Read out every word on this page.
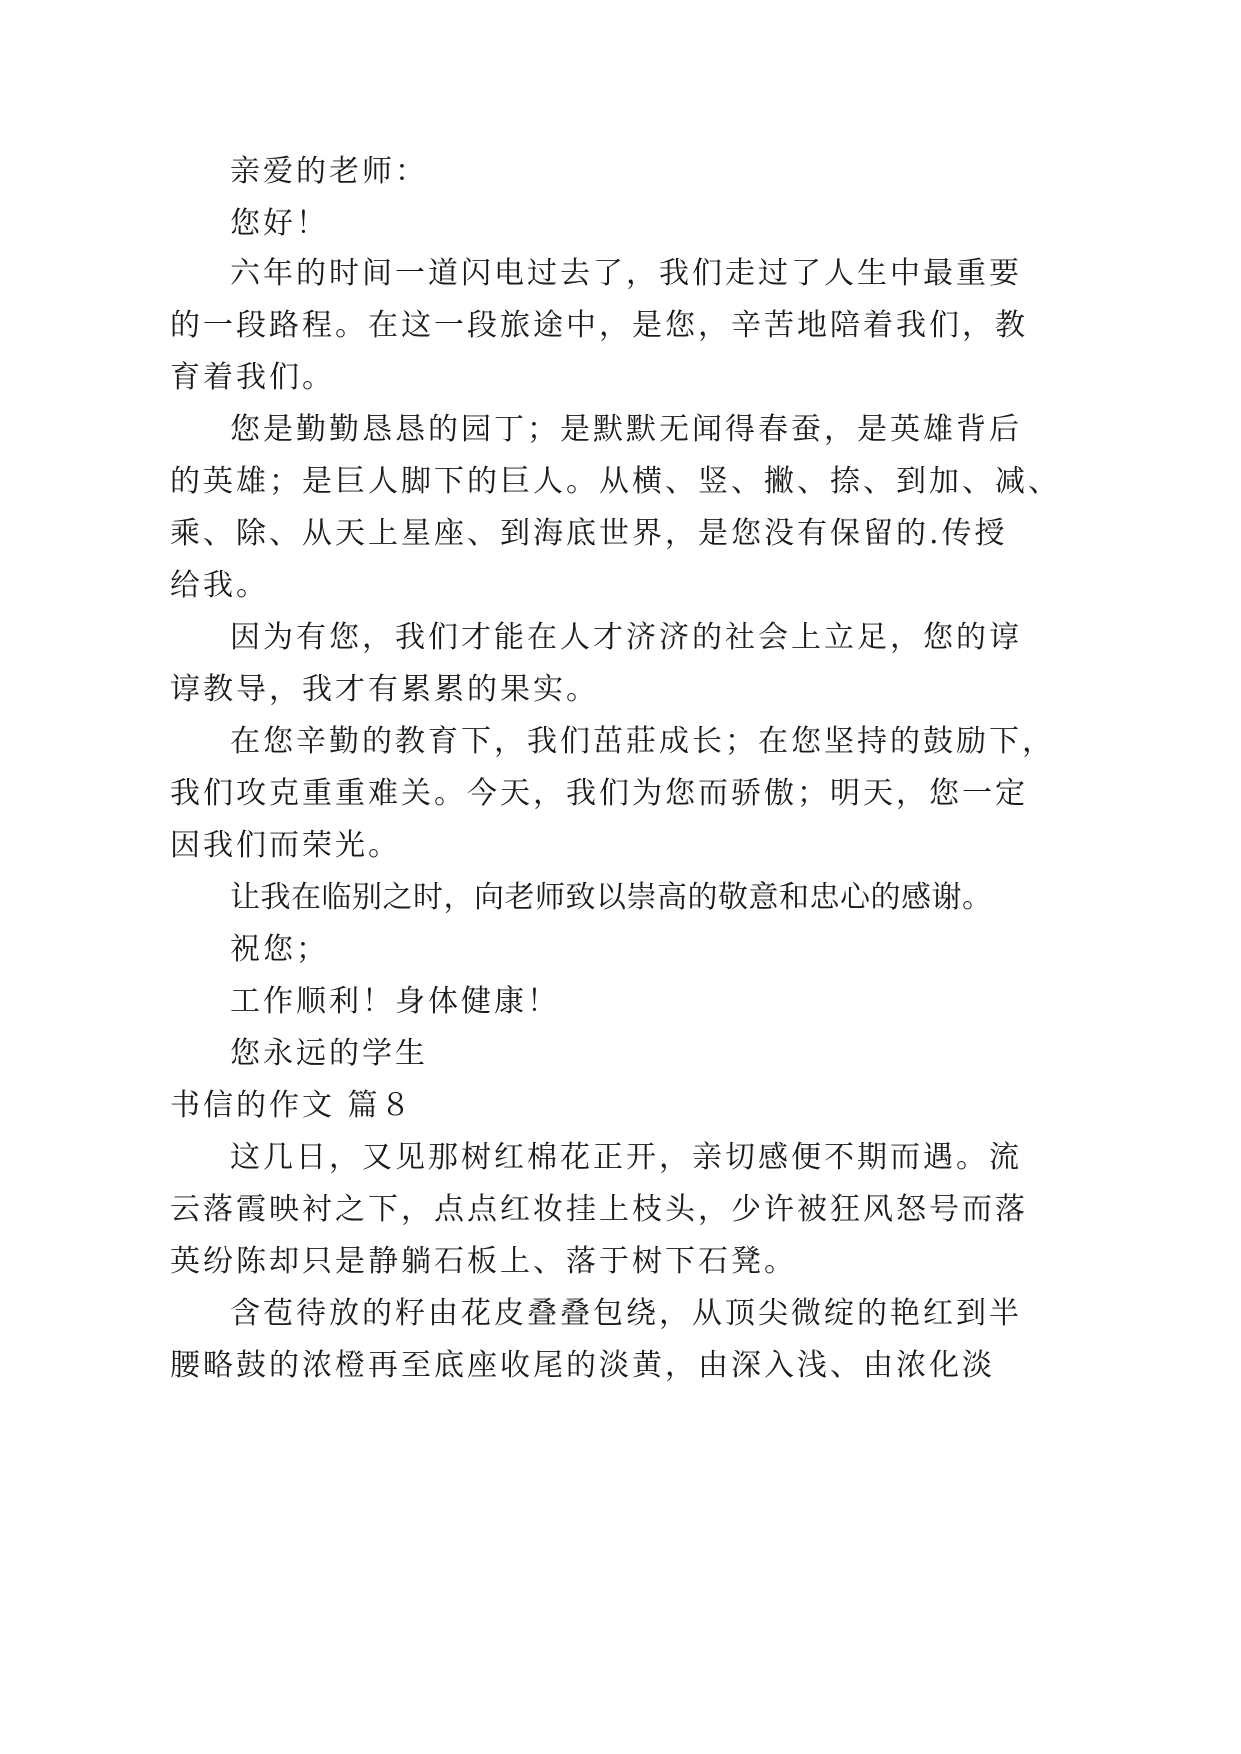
亲爱的老师：
您好！
六年的时间一道闪电过去了，我们走过了人生中最重要
的一段路程。在这一段旅途中，是您，辛苦地陪着我们，教
育着我们。
您是勤勤恳恳的园丁；是默默无闻得春蚕，是英雄背后
的英雄；是巨人脚下的巨人。从横、竖、撇、捺、到加、减、
乘、除、从天上星座、到海底世界，是您没有保留的.传授
给我。
因为有您，我们才能在人才济济的社会上立足，您的谆
谆教导，我才有累累的果实。
在您辛勤的教育下，我们茁莊成长；在您坚持的鼓励下，
我们攻克重重难关。今天，我们为您而骄傲；明天，您一定
因我们而荣光。
让我在临别之时，向老师致以崇高的敬意和忠心的感谢。
祝您；
工作顺利！身体健康！
您永远的学生
书信的作文 篇８
这几日，又见那树红棉花正开，亲切感便不期而遇。流
云落霞映衬之下，点点红妆挂上枝头，少许被狂风怒号而落
英纷陈却只是静躺石板上、落于树下石凳。
含苞待放的籽由花皮叠叠包绕，从顶尖微绽的艳红到半
腰略鼓的浓橙再至底座收尾的淡黄，由深入浅、由浓化淡
